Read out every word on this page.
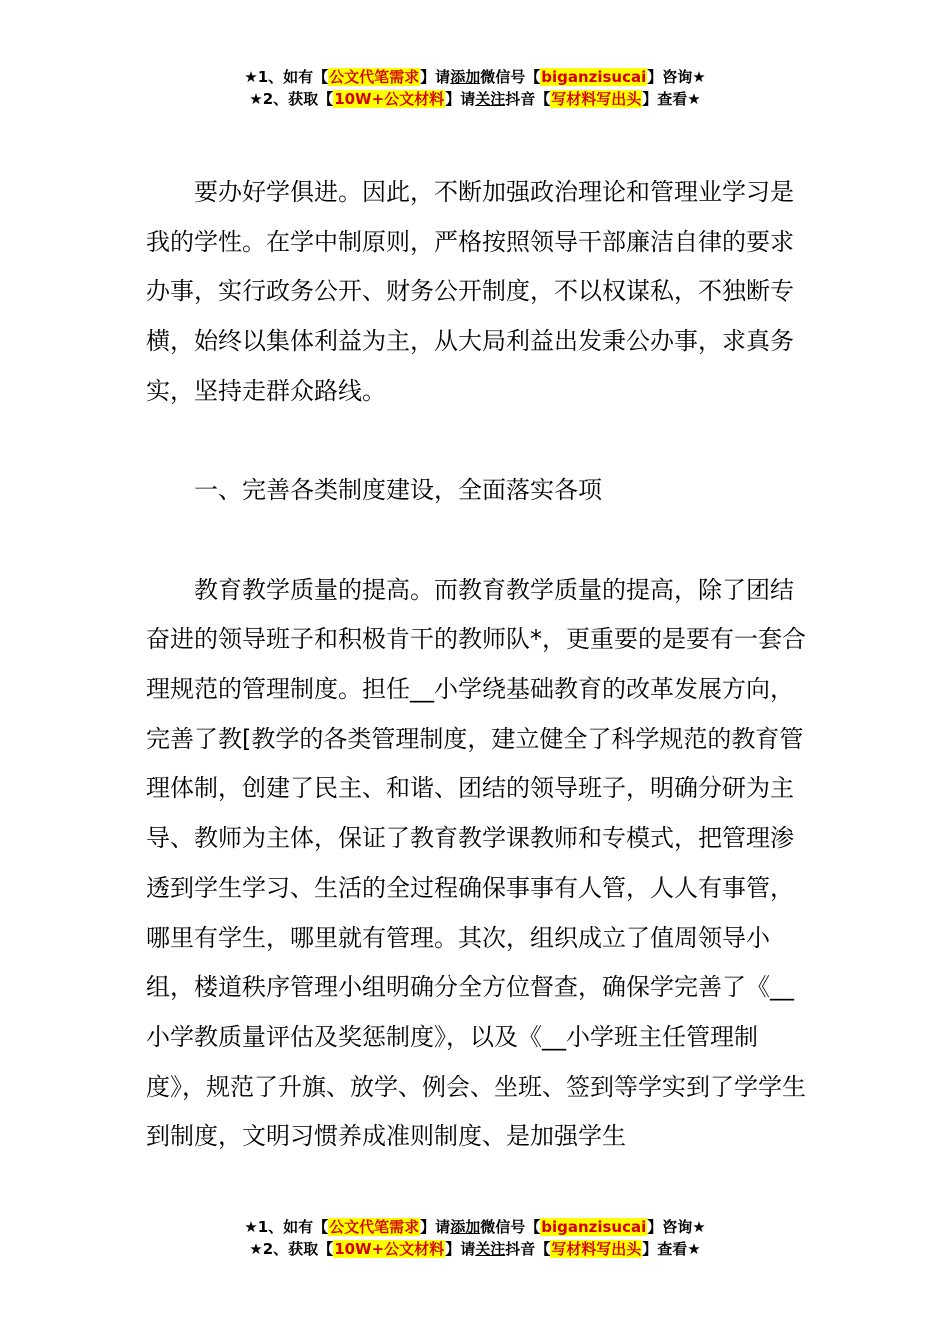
★1、如有【公文代笔需求】请添加微信号【biganzisucai】咨询★
★2、获取【10W+公文材料】请关注抖音【写材料写出头】查看★

要办好学俱进。因此，不断加强政治理论和管理业学习是我的学性。在学中制原则，严格按照领导干部廉洁自律的要求办事，实行政务公开、财务公开制度，不以权谋私，不独断专横，始终以集体利益为主，从大局利益出发秉公办事，求真务实，坚持走群众路线。

一、完善各类制度建设，全面落实各项

教育教学质量的提高。而教育教学质量的提高，除了团结奋进的领导班子和积极肯干的教师队*，更重要的是要有一套合理规范的管理制度。担任__小学绕基础教育的改革发展方向，完善了教[教学的各类管理制度，建立健全了科学规范的教育管理体制，创建了民主、和谐、团结的领导班子，明确分研为主导、教师为主体，保证了教育教学课教师和专模式，把管理渗透到学生学习、生活的全过程确保事事有人管，人人有事管，哪里有学生，哪里就有管理。其次，组织成立了值周领导小组，楼道秩序管理小组明确分全方位督查，确保学完善了《__小学教质量评估及奖惩制度》，以及《__小学班主任管理制度》，规范了升旗、放学、例会、坐班、签到等学实到了学学生到制度，文明习惯养成准则制度、是加强学生

★1、如有【公文代笔需求】请添加微信号【biganzisucai】咨询★
★2、获取【10W+公文材料】请关注抖音【写材料写出头】查看★
